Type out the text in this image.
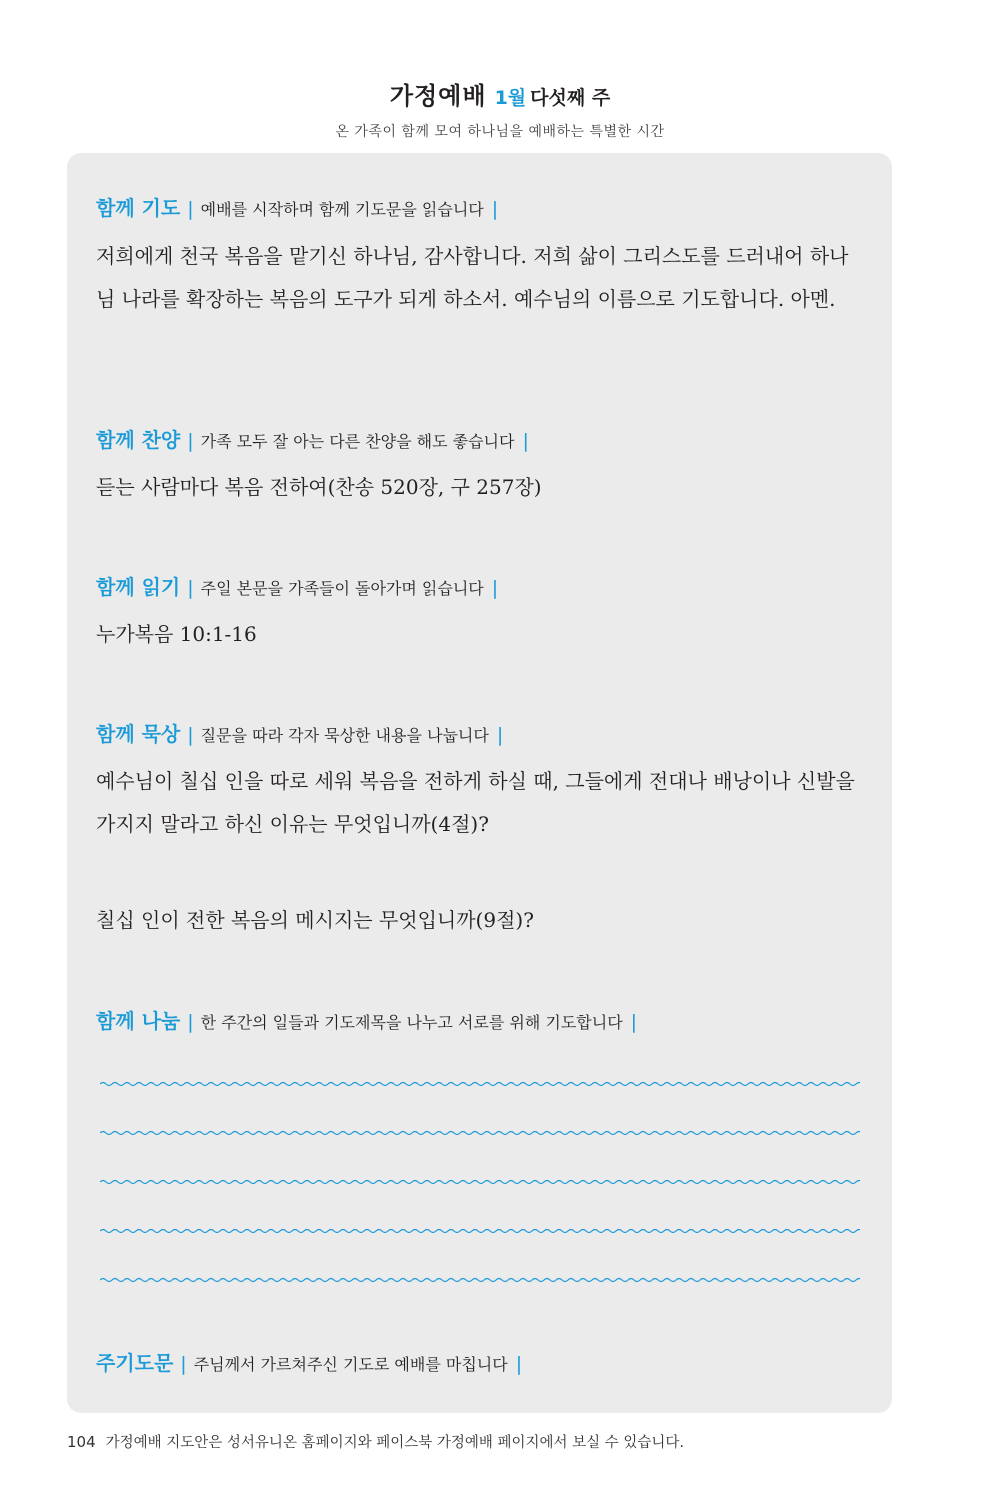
가정예배 1월 다섯째 주
온 가족이 함께 모여 하나님을 예배하는 특별한 시간
함께 기도 | 예배를 시작하며 함께 기도문을 읽습니다 |
저희에게 천국 복음을 맡기신 하나님, 감사합니다. 저희 삶이 그리스도를 드러내어 하나님 나라를 확장하는 복음의 도구가 되게 하소서. 예수님의 이름으로 기도합니다. 아멘.
함께 찬양 | 가족 모두 잘 아는 다른 찬양을 해도 좋습니다 |
듣는 사람마다 복음 전하여(찬송 520장, 구 257장)
함께 읽기 | 주일 본문을 가족들이 돌아가며 읽습니다 |
누가복음 10:1-16
함께 묵상 | 질문을 따라 각자 묵상한 내용을 나눕니다 |
예수님이 칠십 인을 따로 세워 복음을 전하게 하실 때, 그들에게 전대나 배낭이나 신발을 가지지 말라고 하신 이유는 무엇입니까(4절)?
칠십 인이 전한 복음의 메시지는 무엇입니까(9절)?
함께 나눔 | 한 주간의 일들과 기도제목을 나누고 서로를 위해 기도합니다 |
주기도문 | 주님께서 가르쳐주신 기도로 예배를 마칩니다 |
104 가정예배 지도안은 성서유니온 홈페이지와 페이스북 가정예배 페이지에서 보실 수 있습니다.
